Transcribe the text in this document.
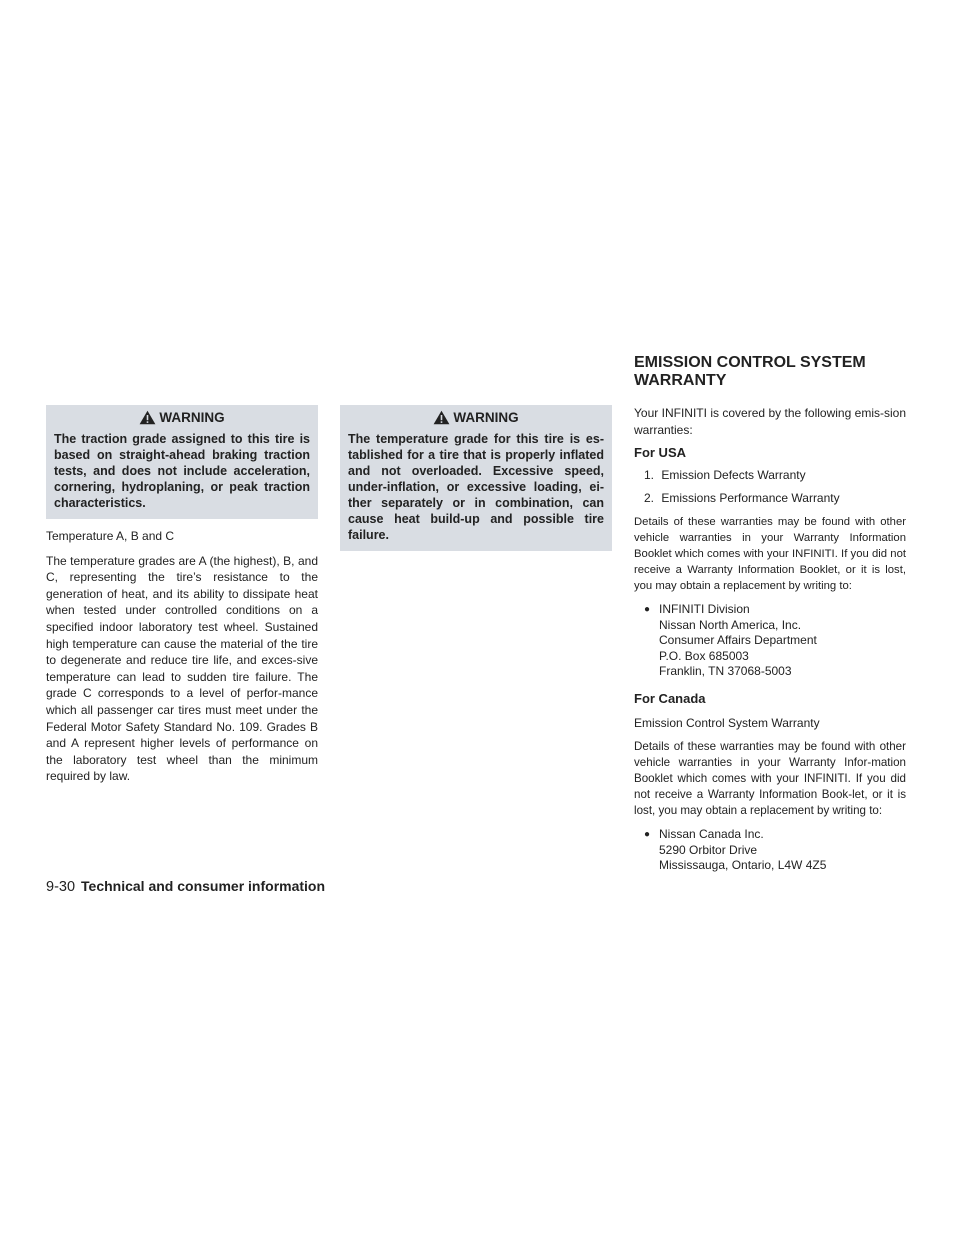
EMISSION CONTROL SYSTEM WARRANTY
WARNING
The traction grade assigned to this tire is based on straight-ahead braking traction tests, and does not include acceleration, cornering, hydroplaning, or peak traction characteristics.
Temperature A, B and C
The temperature grades are A (the highest), B, and C, representing the tire’s resistance to the generation of heat, and its ability to dissipate heat when tested under controlled conditions on a specified indoor laboratory test wheel. Sustained high temperature can cause the material of the tire to degenerate and reduce tire life, and exces-sive temperature can lead to sudden tire failure. The grade C corresponds to a level of perfor-mance which all passenger car tires must meet under the Federal Motor Safety Standard No. 109. Grades B and A represent higher levels of performance on the laboratory test wheel than the minimum required by law.
WARNING
The temperature grade for this tire is es-tablished for a tire that is properly inflated and not overloaded. Excessive speed, under-inflation, or excessive loading, ei-ther separately or in combination, can cause heat build-up and possible tire failure.
Your INFINITI is covered by the following emis-sion warranties:
For USA
1. Emission Defects Warranty
2. Emissions Performance Warranty
Details of these warranties may be found with other vehicle warranties in your Warranty Information Booklet which comes with your INFINITI. If you did not receive a Warranty Information Booklet, or it is lost, you may obtain a replacement by writing to:
● INFINITI Division
Nissan North America, Inc.
Consumer Affairs Department
P.O. Box 685003
Franklin, TN 37068-5003
For Canada
Emission Control System Warranty
Details of these warranties may be found with other vehicle warranties in your Warranty Infor-mation Booklet which comes with your INFINITI. If you did not receive a Warranty Information Book-let, or it is lost, you may obtain a replacement by writing to:
● Nissan Canada Inc.
5290 Orbitor Drive
Mississauga, Ontario, L4W 4Z5
9-30 Technical and consumer information
